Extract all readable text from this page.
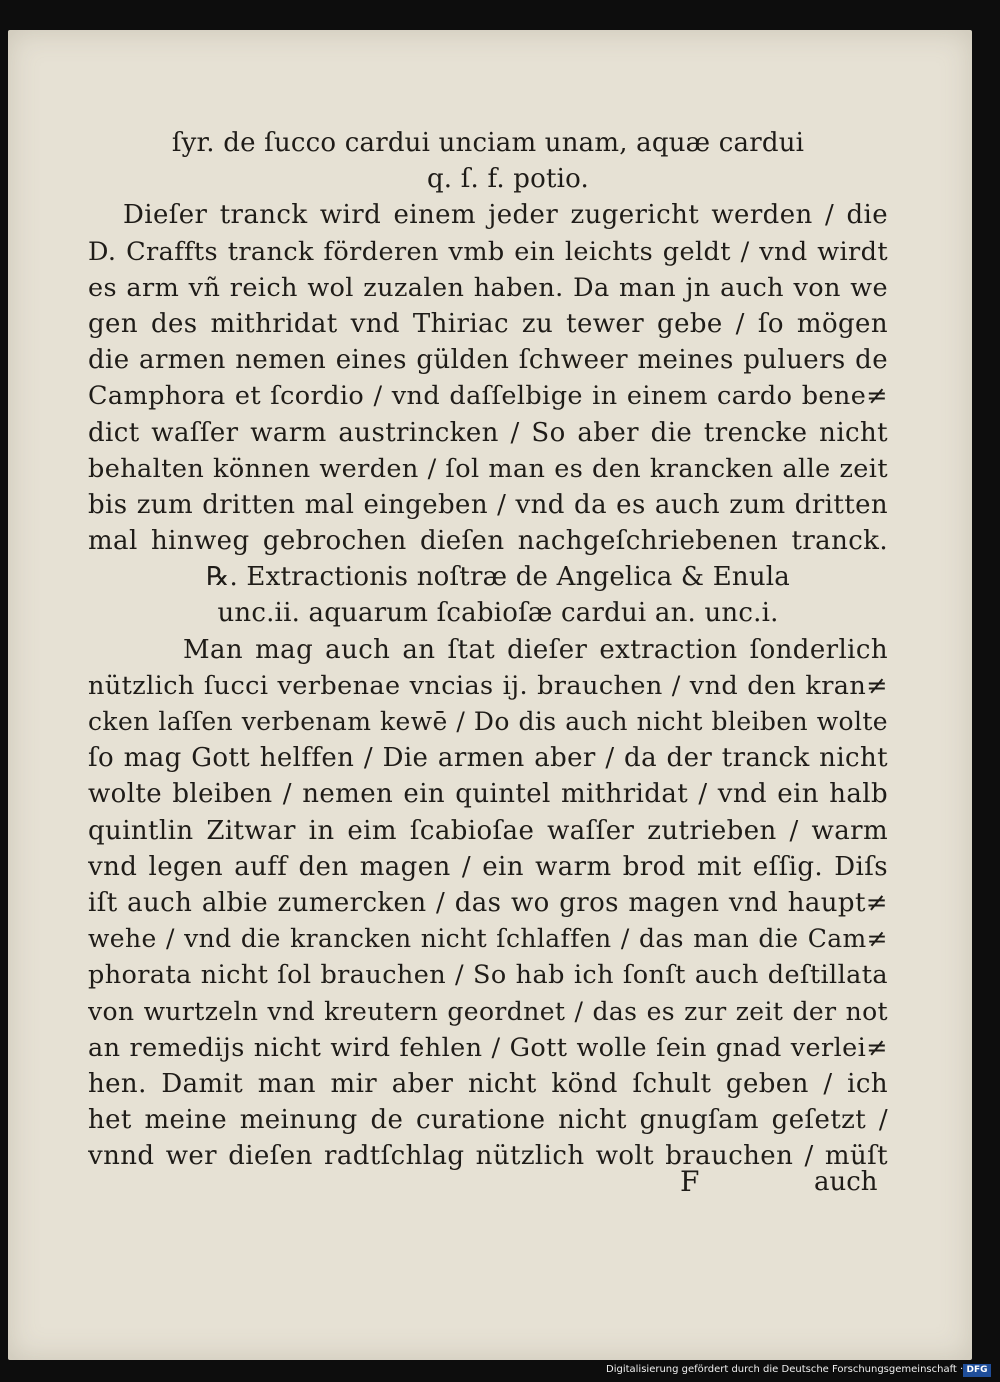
ſyr. de ſucco cardui unciam unam, aquæ cardui
q. ſ. f. potio.
Dieſer tranck wird einem jeder zugericht werden / die
D. Craffts tranck förderen vmb ein leichts geldt / vnd wirdt
es arm vñ reich wol zuzalen haben. Da man jn auch von we
gen des mithridat vnd Thiriac zu tewer gebe / ſo mögen
die armen nemen eines gülden ſchweer meines puluers de
Camphora et ſcordio / vnd daſſelbige in einem cardo bene≠
dict waſſer warm austrincken / So aber die trencke nicht
behalten können werden / ſol man es den krancken alle zeit
bis zum dritten mal eingeben / vnd da es auch zum dritten
mal hinweg gebrochen dieſen nachgeſchriebenen tranck.
℞. Extractionis noſtræ de Angelica & Enula
unc.ii. aquarum ſcabioſæ cardui an. unc.i.
Man mag auch an ſtat dieſer extraction ſonderlich
nützlich ſucci verbenae vncias ij. brauchen / vnd den kran≠
cken laſſen verbenam kewē / Do dis auch nicht bleiben wolte
ſo mag Gott helffen / Die armen aber / da der tranck nicht
wolte bleiben / nemen ein quintel mithridat / vnd ein halb
quintlin Zitwar in eim ſcabioſae waſſer zutrieben / warm
vnd legen auff den magen / ein warm brod mit eſſig. Diſs
iſt auch albie zumercken / das wo gros magen vnd haupt≠
wehe / vnd die krancken nicht ſchlaffen / das man die Cam≠
phorata nicht ſol brauchen / So hab ich ſonſt auch deſtillata
von wurtzeln vnd kreutern geordnet / das es zur zeit der not
an remedijs nicht wird fehlen / Gott wolle ſein gnad verlei≠
hen. Damit man mir aber nicht könd ſchult geben / ich
het meine meinung de curatione nicht gnugſam geſetzt /
vnnd wer dieſen radtſchlag nützlich wolt brauchen / müſt
F	auch
Digitalisierung gefördert durch die Deutsche Forschungsgemeinschaft · DFG
